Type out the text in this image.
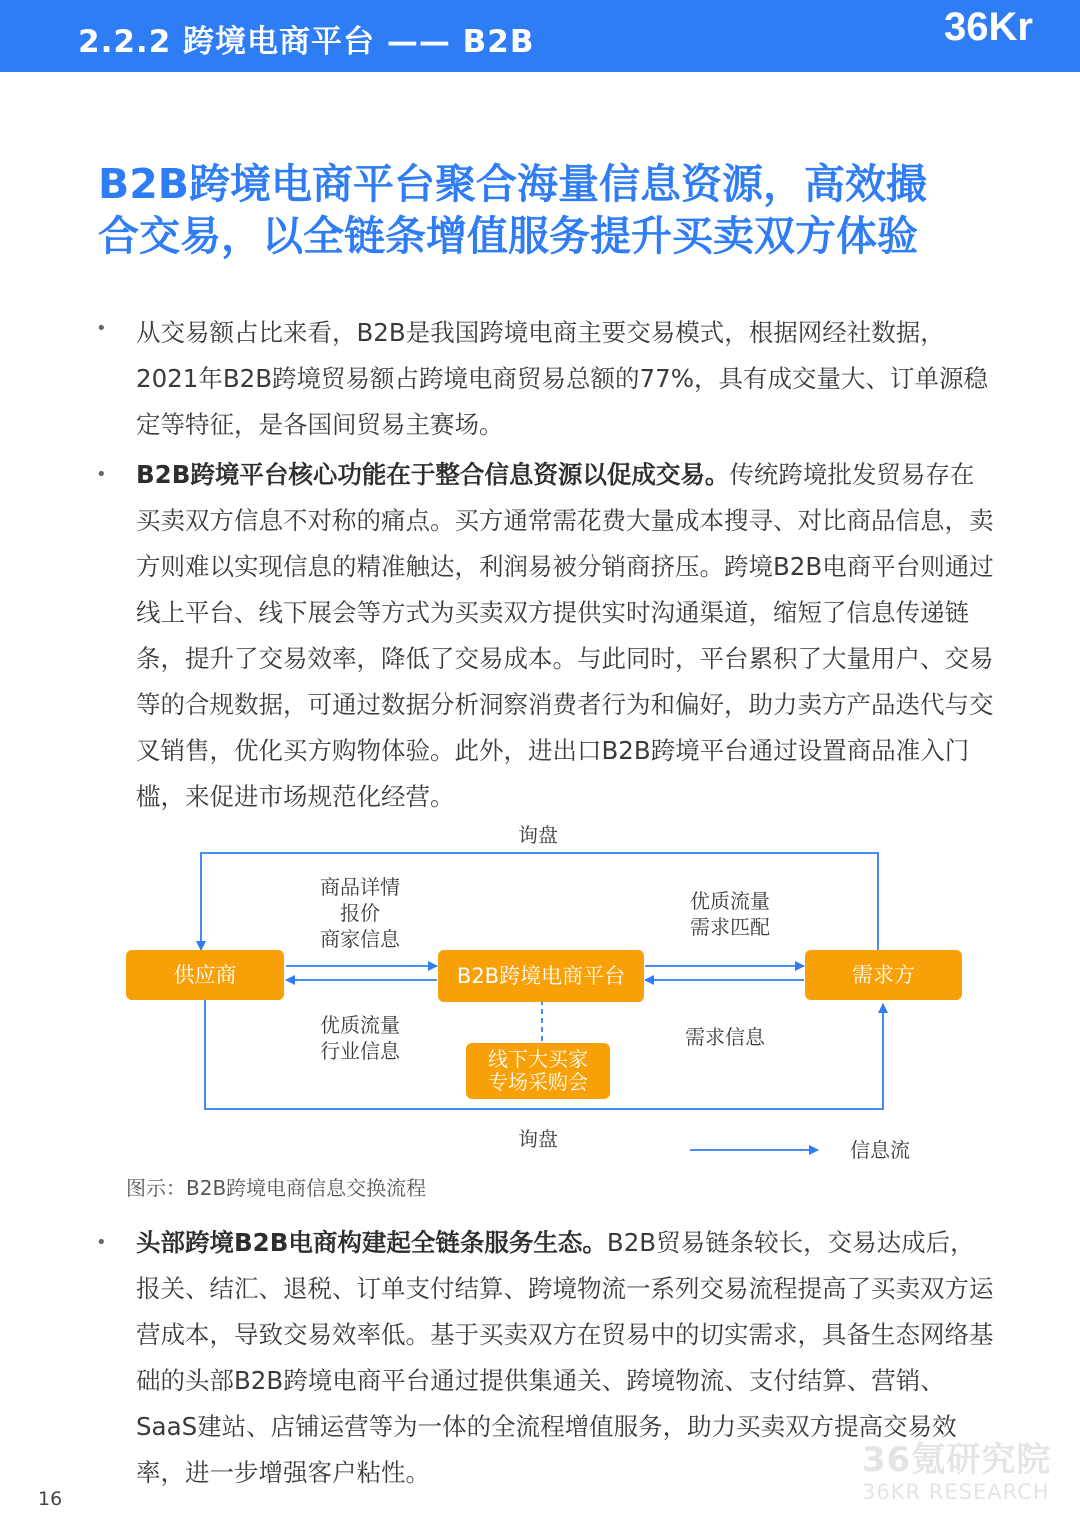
2.2.2 跨境电商平台 —— B2B	36Kr
B2B跨境电商平台聚合海量信息资源，高效撮
合交易，以全链条增值服务提升买卖双方体验
• 从交易额占比来看，B2B是我国跨境电商主要交易模式，根据网经社数据，2021年B2B跨境贸易额占跨境电商贸易总额的77%，具有成交量大、订单源稳定等特征，是各国间贸易主赛场。
• B2B跨境平台核心功能在于整合信息资源以促成交易。传统跨境批发贸易存在买卖双方信息不对称的痛点。买方通常需花费大量成本搜寻、对比商品信息，卖方则难以实现信息的精准触达，利润易被分销商挤压。跨境B2B电商平台则通过线上平台、线下展会等方式为买卖双方提供实时沟通渠道，缩短了信息传递链条，提升了交易效率，降低了交易成本。与此同时，平台累积了大量用户、交易等的合规数据，可通过数据分析洞察消费者行为和偏好，助力卖方产品迭代与交叉销售，优化买方购物体验。此外，进出口B2B跨境平台通过设置商品准入门槛，来促进市场规范化经营。
询盘
商品详情
报价
商家信息
优质流量
需求匹配
供应商	B2B跨境电商平台	需求方
优质流量
行业信息
需求信息
线下大买家
专场采购会
询盘	信息流
图示：B2B跨境电商信息交换流程
• 头部跨境B2B电商构建起全链条服务生态。B2B贸易链条较长，交易达成后，报关、结汇、退税、订单支付结算、跨境物流一系列交易流程提高了买卖双方运营成本，导致交易效率低。基于买卖双方在贸易中的切实需求，具备生态网络基础的头部B2B跨境电商平台通过提供集通关、跨境物流、支付结算、营销、SaaS建站、店铺运营等为一体的全流程增值服务，助力买卖双方提高交易效率，进一步增强客户粘性。	36氪研究院
36KR RESEARCH
16
